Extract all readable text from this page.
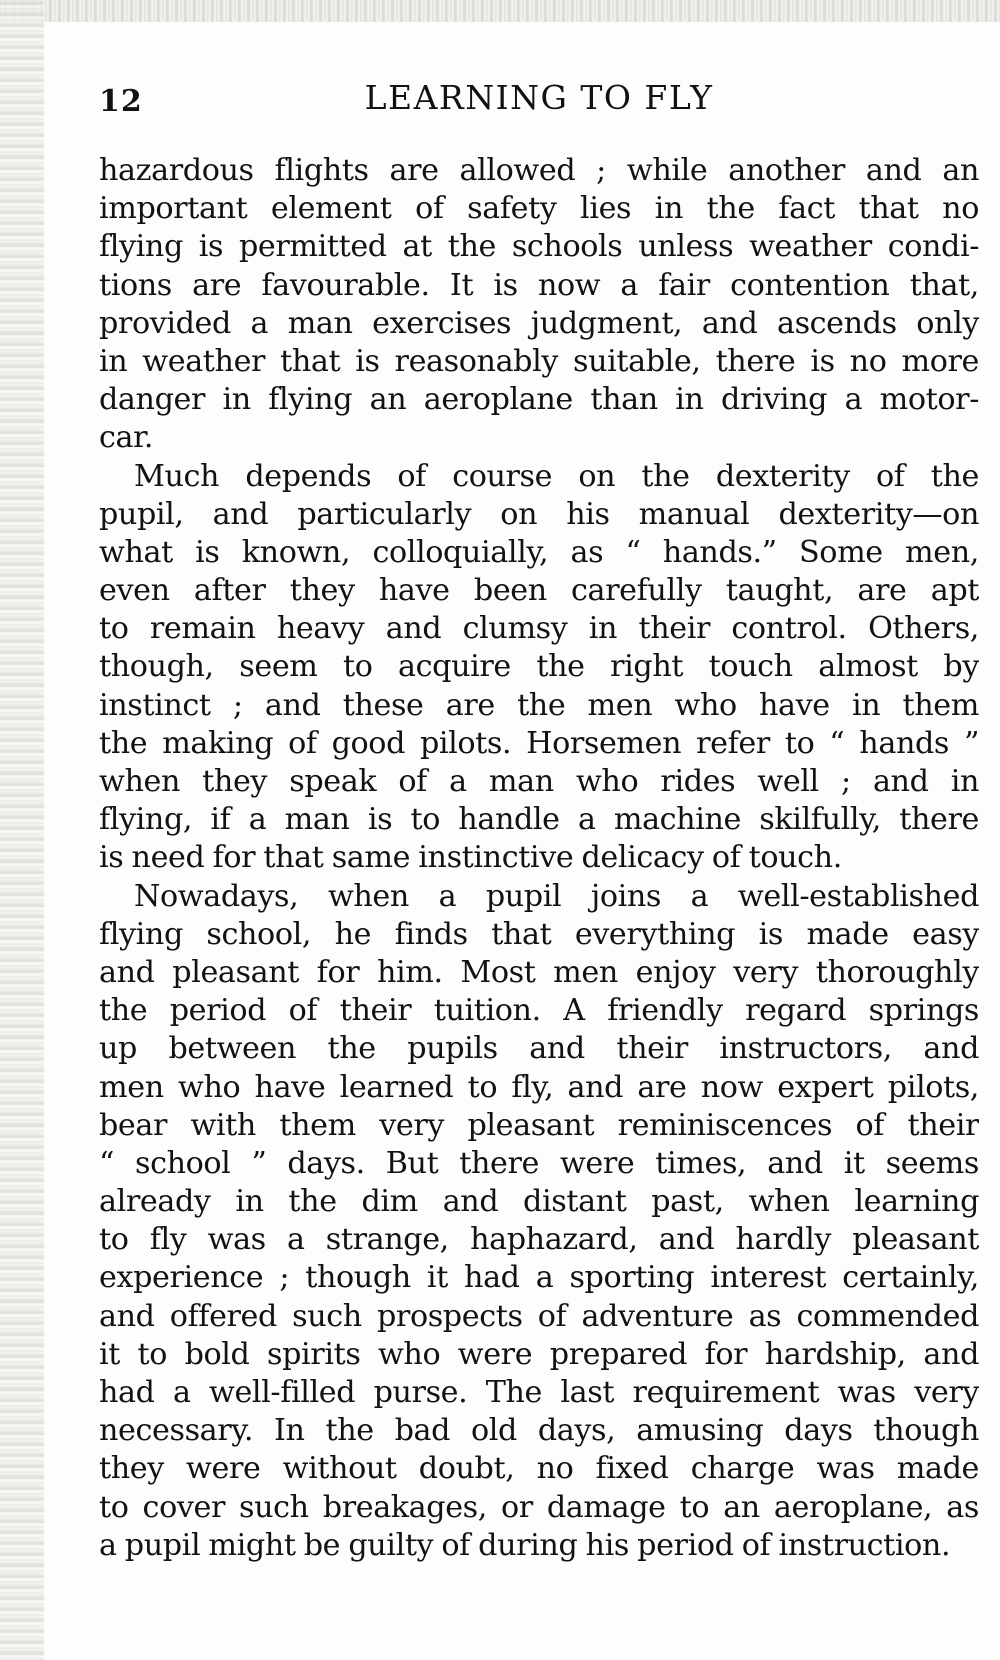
12	LEARNING TO FLY
hazardous flights are allowed ; while another and an
important element of safety lies in the fact that no
flying is permitted at the schools unless weather condi-
tions are favourable. It is now a fair contention that,
provided a man exercises judgment, and ascends only
in weather that is reasonably suitable, there is no more
danger in flying an aeroplane than in driving a motor-
car.
Much depends of course on the dexterity of the
pupil, and particularly on his manual dexterity—on
what is known, colloquially, as “ hands.” Some men,
even after they have been carefully taught, are apt
to remain heavy and clumsy in their control. Others,
though, seem to acquire the right touch almost by
instinct ; and these are the men who have in them
the making of good pilots. Horsemen refer to “ hands ”
when they speak of a man who rides well ; and in
flying, if a man is to handle a machine skilfully, there
is need for that same instinctive delicacy of touch.
Nowadays, when a pupil joins a well-established
flying school, he finds that everything is made easy
and pleasant for him. Most men enjoy very thoroughly
the period of their tuition. A friendly regard springs
up between the pupils and their instructors, and
men who have learned to fly, and are now expert pilots,
bear with them very pleasant reminiscences of their
“ school ” days. But there were times, and it seems
already in the dim and distant past, when learning
to fly was a strange, haphazard, and hardly pleasant
experience ; though it had a sporting interest certainly,
and offered such prospects of adventure as commended
it to bold spirits who were prepared for hardship, and
had a well-filled purse. The last requirement was very
necessary. In the bad old days, amusing days though
they were without doubt, no fixed charge was made
to cover such breakages, or damage to an aeroplane, as
a pupil might be guilty of during his period of instruction.
